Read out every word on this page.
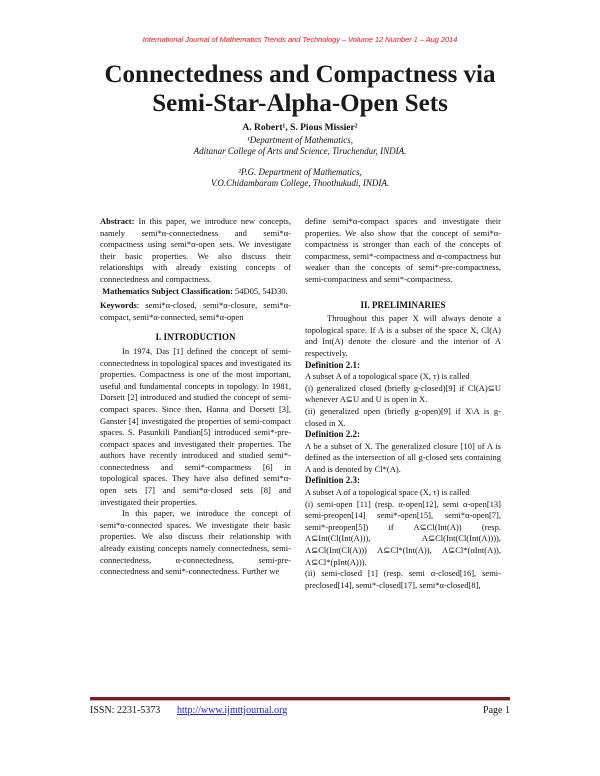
International Journal of Mathematics Trends and Technology – Volume 12 Number 1 – Aug 2014
Connectedness and Compactness via
Semi-Star-Alpha-Open Sets
A. Robert¹, S. Pious Missier²
¹Department of Mathematics,
Aditanar College of Arts and Science, Tiruchendur, INDIA.
²P.G. Department of Mathematics,
V.O.Chidambaram College, Thoothukudi, INDIA.

Abstract: In this paper, we introduce new concepts, namely semi*α-connectedness and semi*α-compactness using semi*α-open sets. We investigate their basic properties. We also discuss their relationships with already existing concepts of connectedness and compactness.

Mathematics Subject Classification: 54D05, 54D30.

Keywords: semi*α-closed, semi*α-closure, semi*α-compact, semi*α-connected, semi*α-open

I. INTRODUCTION

In 1974, Das [1] defined the concept of semi-connectedness in topological spaces and investigated its properties. Compactness is one of the most important, useful and fundamental concepts in topology. In 1981, Dorsett [2] introduced and studied the concept of semi-compact spaces. Since then, Hanna and Dorsett [3], Ganster [4] investigated the properties of semi-compact spaces. S. Pasunkili Pandian[5] introduced semi*-pre-compact spaces and investigated their properties. The authors have recently introduced and studied semi*-connectedness and semi*-compactness [6] in topological spaces. They have also defined semi*α-open sets [7] and semi*α-closed sets [8] and investigated their properties.

In this paper, we introduce the concept of semi*α-connected spaces. We investigate their basic properties. We also discuss their relationship with already existing concepts namely connectedness, semi-connectedness, α-connectedness, semi-pre-connectedness and semi*-connectedness. Further we

define semi*α-compact spaces and investigate their properties. We also show that the concept of semi*α-compactness is stronger than each of the concepts of compactness, semi*-compactness and α-compactness but weaker than the concepts of semi*-pre-compactness, semi-compactness and semi*-compactness.

II. PRELIMINARIES

Throughout this paper X will always denote a topological space. If A is a subset of the space X, Cl(A) and Int(A) denote the closure and the interior of A respectively.

Definition 2.1:

A subset A of a topological space (X, τ) is called

(i) generalized closed (briefly g-closed)[9] if Cl(A)⊆U whenever A⊆U and U is open in X.

(ii) generalized open (briefly g-open)[9] if X\A is g-closed in X.

Definition 2.2:

A be a subset of X. The generalized closure [10] of A is defined as the intersection of all g-closed sets containing A and is denoted by Cl*(A).

Definition 2.3:

A subset A of a topological space (X, τ) is called

(i) semi-open [11] (resp. α-open[12], semi α-open[13] semi-preopen[14] semi*-open[15], semi*α-open[7], semi*-preopen[5]) if A⊆Cl(Int(A)) (resp. A⊆Int(Cl(Int(A))), A⊆Cl(Int(Cl(Int(A)))), A⊆Cl(Int(Cl(A))) A⊆Cl*(Int(A)), A⊆Cl*(αInt(A)), A⊆Cl*(pInt(A))).

(ii) semi-closed [1] (resp. semi α-closed[16], semi-preclosed[14], semi*-closed[17], semi*α-closed[8],

ISSN: 2231-5373 http://www.ijmttjournal.org	Page 1
